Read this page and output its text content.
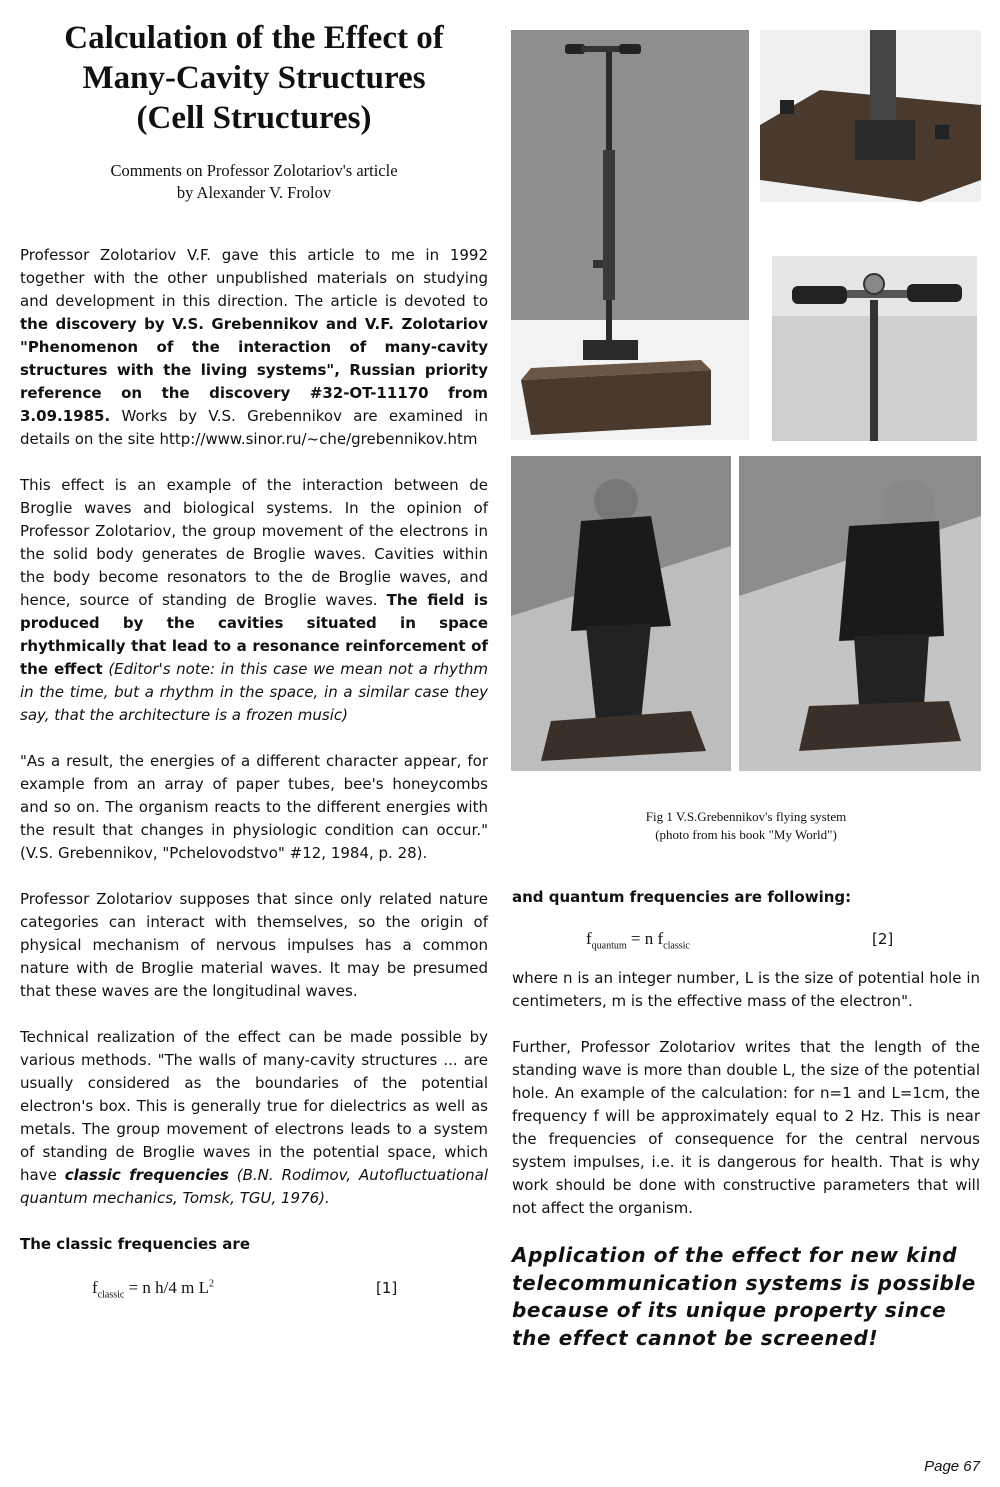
Calculation of the Effect of
Many-Cavity Structures
(Cell Structures)

Comments on Professor Zolotariov's article
by Alexander V. Frolov

Professor Zolotariov V.F. gave this article to me in 1992 together with the other unpublished materials on studying and development in this direction. The article is devoted to the discovery by V.S. Grebennikov and V.F. Zolotariov "Phenomenon of the interaction of many-cavity structures with the living systems", Russian priority reference on the discovery #32-OT-11170 from 3.09.1985. Works by V.S. Grebennikov are examined in details on the site http://www.sinor.ru/~che/grebennikov.htm

This effect is an example of the interaction between de Broglie waves and biological systems. In the opinion of Professor Zolotariov, the group movement of the electrons in the solid body generates de Broglie waves. Cavities within the body become resonators to the de Broglie waves, and hence, source of standing de Broglie waves. The field is produced by the cavities situated in space rhythmically that lead to a resonance reinforcement of the effect (Editor's note: in this case we mean not a rhythm in the time, but a rhythm in the space, in a similar case they say, that the architecture is a frozen music)

"As a result, the energies of a different character appear, for example from an array of paper tubes, bee's honeycombs and so on. The organism reacts to the different energies with the result that changes in physiologic condition can occur." (V.S. Grebennikov, "Pchelovodstvo" #12, 1984, p. 28).

Professor Zolotariov supposes that since only related nature categories can interact with themselves, so the origin of physical mechanism of nervous impulses has a common nature with de Broglie material waves. It may be presumed that these waves are the longitudinal waves.

Technical realization of the effect can be made possible by various methods. "The walls of many-cavity structures ... are usually considered as the boundaries of the potential electron's box. This is generally true for dielectrics as well as metals. The group movement of electrons leads to a system of standing de Broglie waves in the potential space, which have classic frequencies (B.N. Rodimov, Autofluctuational quantum mechanics, Tomsk, TGU, 1976).

The classic frequencies are

$f_{classic} = n$ h/4 m $L^2$	[1]
Fig 1 V.S.Grebennikov's flying system
(photo from his book "My World")

and quantum frequencies are following:

$f_{quantum} = n$ $f_{classic}$	[2]

where n is an integer number, L is the size of potential hole in centimeters, m is the effective mass of the electron".

Further, Professor Zolotariov writes that the length of the standing wave is more than double L, the size of the potential hole. An example of the calculation: for n=1 and L=1cm, the frequency f will be approximately equal to 2 Hz. This is near the frequencies of consequence for the central nervous system impulses, i.e. it is dangerous for health. That is why work should be done with constructive parameters that will not affect the organism.

Application of the effect for new kind telecommunication systems is possible because of its unique property since the effect cannot be screened!

Page 67
